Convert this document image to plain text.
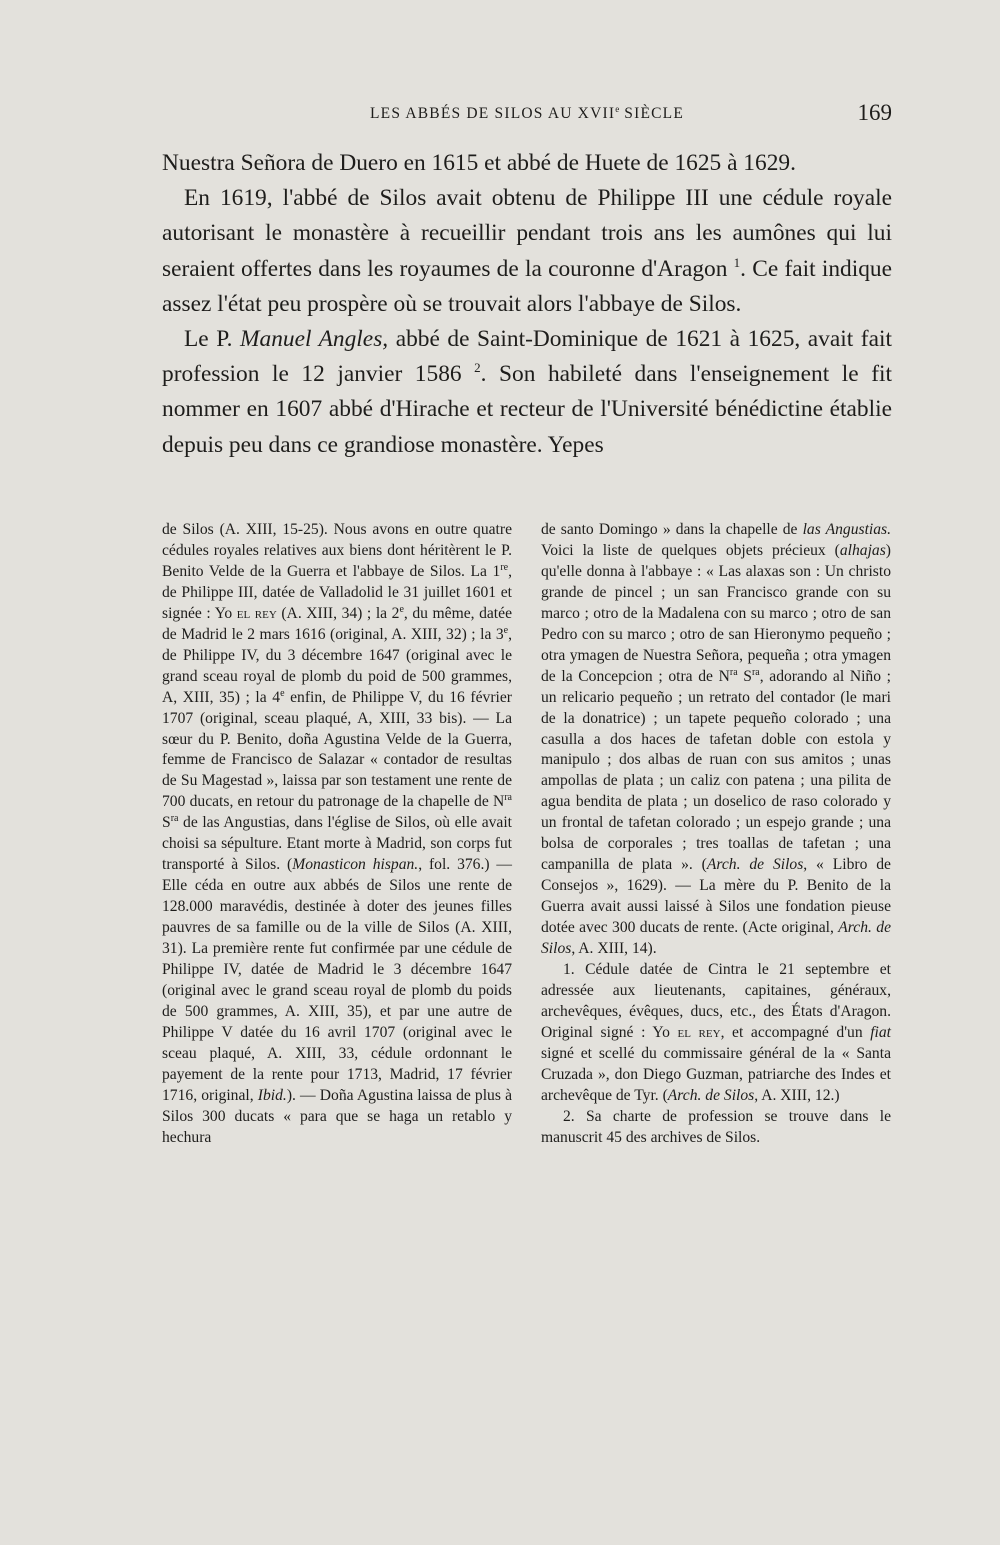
LES ABBÉS DE SILOS AU XVIIe SIÈCLE	169

Nuestra Señora de Duero en 1615 et abbé de Huete de 1625 à 1629.

En 1619, l'abbé de Silos avait obtenu de Philippe III une cédule royale autorisant le monastère à recueillir pendant trois ans les aumônes qui lui seraient offertes dans les royaumes de la couronne d'Aragon $^1$. Ce fait indique assez l'état peu prospère où se trouvait alors l'abbaye de Silos.

Le P. Manuel Angles, abbé de Saint-Dominique de 1621 à 1625, avait fait profession le 12 janvier 1586 $^2$. Son habileté dans l'enseignement le fit nommer en 1607 abbé d'Hirache et recteur de l'Université bénédictine établie depuis peu dans ce grandiose monastère. Yepes

de Silos (A. XIII, 15-25). Nous avons en outre quatre cédules royales relatives aux biens dont héritèrent le P. Benito Velde de la Guerra et l'abbaye de Silos. La 1re, de Philippe III, datée de Valladolid le 31 juillet 1601 et signée : Yo el rey (A. XIII, 34) ; la 2e, du même, datée de Madrid le 2 mars 1616 (original, A. XIII, 32) ; la 3e, de Philippe IV, du 3 décembre 1647 (original avec le grand sceau royal de plomb du poid de 500 grammes, A, XIII, 35) ; la 4e enfin, de Philippe V, du 16 février 1707 (original, sceau plaqué, A, XIII, 33 bis). — La sœur du P. Benito, doña Agustina Velde de la Guerra, femme de Francisco de Salazar « contador de resultas de Su Magestad », laissa par son testament une rente de 700 ducats, en retour du patronage de la chapelle de $N^{ra}$ $S^{ra}$ de las Angustias, dans l'église de Silos, où elle avait choisi sa sépulture. Etant morte à Madrid, son corps fut transporté à Silos. (Monasticon hispan., fol. 376.) — Elle céda en outre aux abbés de Silos une rente de 128.000 maravédis, destinée à doter des jeunes filles pauvres de sa famille ou de la ville de Silos (A. XIII, 31). La première rente fut confirmée par une cédule de Philippe IV, datée de Madrid le 3 décembre 1647 (original avec le grand sceau royal de plomb du poids de 500 grammes, A. XIII, 35), et par une autre de Philippe V datée du 16 avril 1707 (original avec le sceau plaqué, A. XIII, 33, cédule ordonnant le payement de la rente pour 1713, Madrid, 17 février 1716, original, Ibid.). — Doña Agustina laissa de plus à Silos 300 ducats « para que se haga un retablo y hechura

de santo Domingo » dans la chapelle de las Angustias. Voici la liste de quelques objets précieux (alhajas) qu'elle donna à l'abbaye : « Las alaxas son : Un christo grande de pincel ; un san Francisco grande con su marco ; otro de la Madalena con su marco ; otro de san Pedro con su marco ; otro de san Hieronymo pequeño ; otra ymagen de Nuestra Señora, pequeña ; otra ymagen de la Concepcion ; otra de $N^{ra}$ $S^{ra}$, adorando al Niño ; un relicario pequeño ; un retrato del contador (le mari de la donatrice) ; un tapete pequeño colorado ; una casulla a dos haces de tafetan doble con estola y manipulo ; dos albas de ruan con sus amitos ; unas ampollas de plata ; un caliz con patena ; una pilita de agua bendita de plata ; un doselico de raso colorado y un frontal de tafetan colorado ; un espejo grande ; una bolsa de corporales ; tres toallas de tafetan ; una campanilla de plata ». (Arch. de Silos, « Libro de Consejos », 1629). — La mère du P. Benito de la Guerra avait aussi laissé à Silos une fondation pieuse dotée avec 300 ducats de rente. (Acte original, Arch. de Silos, A. XIII, 14).

1. Cédule datée de Cintra le 21 septembre et adressée aux lieutenants, capitaines, généraux, archevêques, évêques, ducs, etc., des États d'Aragon. Original signé : Yo el rey, et accompagné d'un fiat signé et scellé du commissaire général de la « Santa Cruzada », don Diego Guzman, patriarche des Indes et archevêque de Tyr. (Arch. de Silos, A. XIII, 12.)

2. Sa charte de profession se trouve dans le manuscrit 45 des archives de Silos.
